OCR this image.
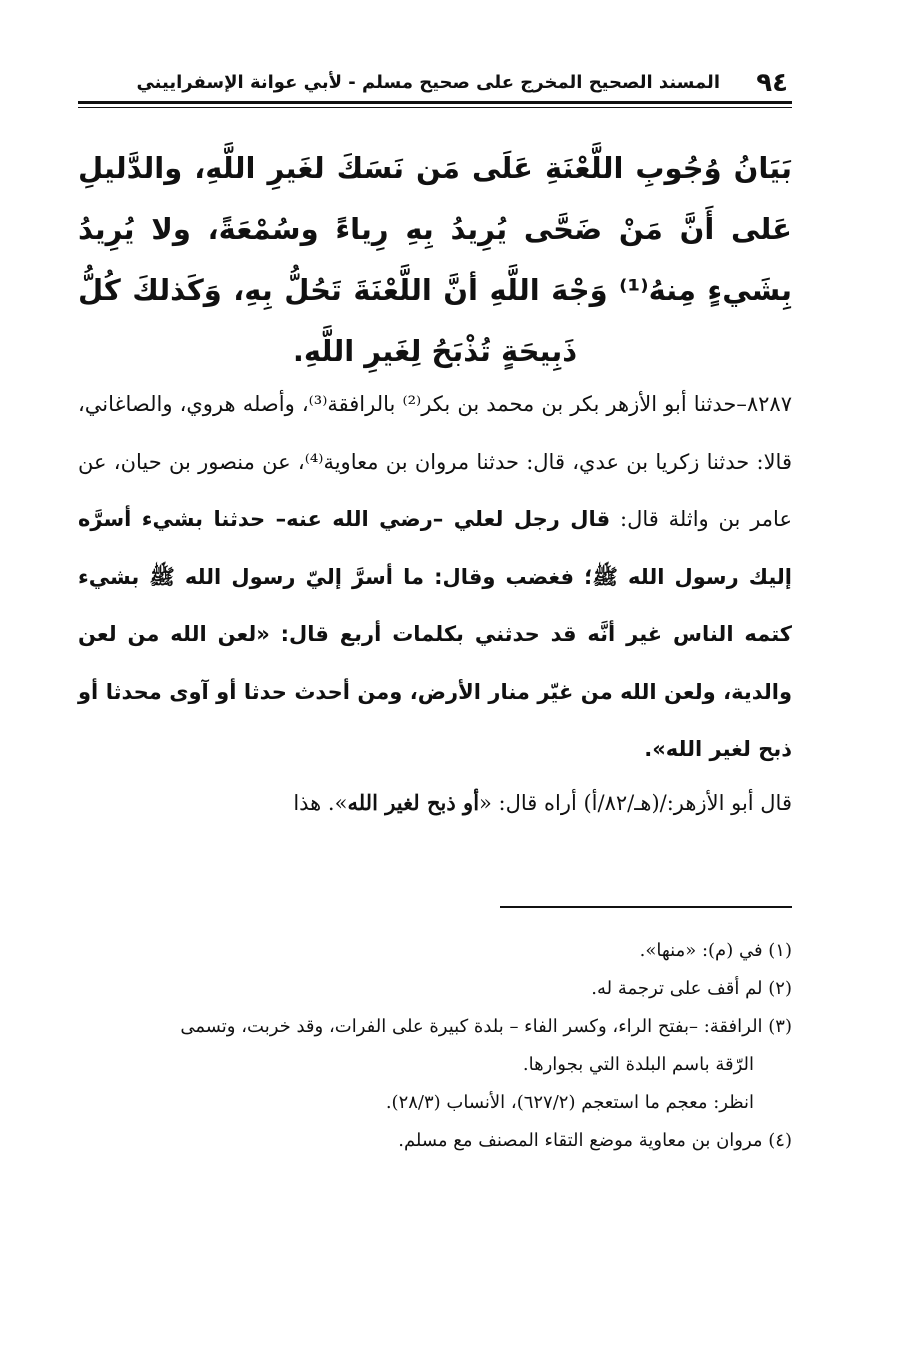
٩٤
المسند الصحيح المخرج على صحيح مسلم - لأبي عوانة الإسفراييني
بَيَانُ وُجُوبِ اللَّعْنَةِ عَلَى مَن نَسَكَ لغَيرِ اللَّهِ، والدَّليلِ عَلى أَنَّ مَنْ ضَحَّى يُرِيدُ بِهِ رِياءً وسُمْعَةً، ولا يُرِيدُ بِشَيءٍ مِنهُ⁽¹⁾ وَجْهَ اللَّهِ أنَّ اللَّعْنَةَ تَحُلُّ بِهِ، وَكَذلكَ كُلُّ ذَبِيحَةٍ تُذْبَحُ لِغَيرِ اللَّهِ.
٨٢٨٧–حدثنا أبو الأزهر بكر بن محمد بن بكر⁽²⁾ بالرافقة⁽³⁾، وأصله هروي، والصاغاني، قالا: حدثنا زكريا بن عدي، قال: حدثنا مروان بن معاوية⁽⁴⁾، عن منصور بن حيان، عن عامر بن واثلة قال: قال رجل لعلي –رضي الله عنه– حدثنا بشيء أسرَّه إليك رسول الله ﷺ؛ فغضب وقال: ما أسرَّ إليّ رسول الله ﷺ بشيء كتمه الناس غير أنَّه قد حدثني بكلمات أربع قال: «لعن الله من لعن والدية، ولعن الله من غيّر منار الأرض، ومن أحدث حدثا أو آوى محدثا أو ذبح لغير الله».
قال أبو الأزهر:/(هـ/٨٢/أ) أراه قال: «أو ذبح لغير الله». هذا

(١) في (م): «منها».

(٢) لم أقف على ترجمة له.

(٣) الرافقة: –بفتح الراء، وكسر الفاء – بلدة كبيرة على الفرات، وقد خربت، وتسمى

الرّقة باسم البلدة التي بجوارها.

انظر: معجم ما استعجم (٦٢٧/٢)، الأنساب (٢٨/٣).

(٤) مروان بن معاوية موضع التقاء المصنف مع مسلم.
